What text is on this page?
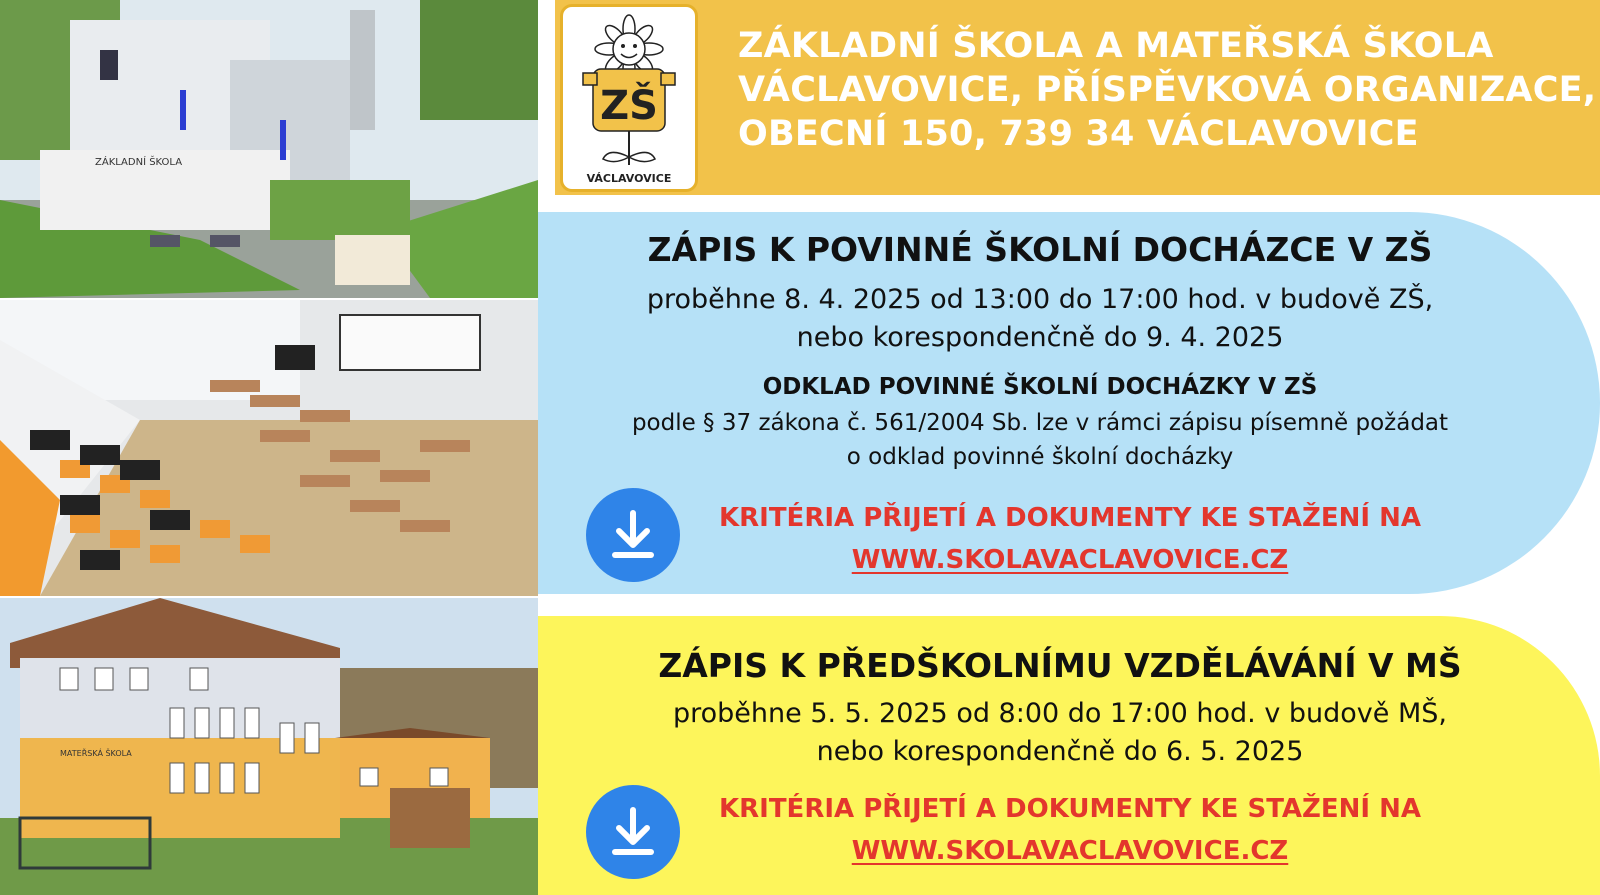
ZÁKLADNÍ ŠKOLA
MATEŘSKÁ ŠKOLA
ZŠ
VÁCLAVOVICE
ZÁKLADNÍ ŠKOLA A MATEŘSKÁ ŠKOLA
VÁCLAVOVICE, PŘÍSPĚVKOVÁ ORGANIZACE,
OBECNÍ 150, 739 34 VÁCLAVOVICE
ZÁPIS K POVINNÉ ŠKOLNÍ DOCHÁZCE V ZŠ
proběhne 8. 4. 2025 od 13:00 do 17:00 hod. v budově ZŠ,
nebo korespondenčně do 9. 4. 2025
ODKLAD POVINNÉ ŠKOLNÍ DOCHÁZKY V ZŠ
podle § 37 zákona č. 561/2004 Sb. lze v rámci zápisu písemně požádat
o odklad povinné školní docházky
KRITÉRIA PŘIJETÍ A DOKUMENTY KE STAŽENÍ NA
WWW.SKOLAVACLAVOVICE.CZ
ZÁPIS K PŘEDŠKOLNÍMU VZDĚLÁVÁNÍ V MŠ
proběhne 5. 5. 2025 od 8:00 do 17:00 hod. v budově MŠ,
nebo korespondenčně do 6. 5. 2025
KRITÉRIA PŘIJETÍ A DOKUMENTY KE STAŽENÍ NA
WWW.SKOLAVACLAVOVICE.CZ
